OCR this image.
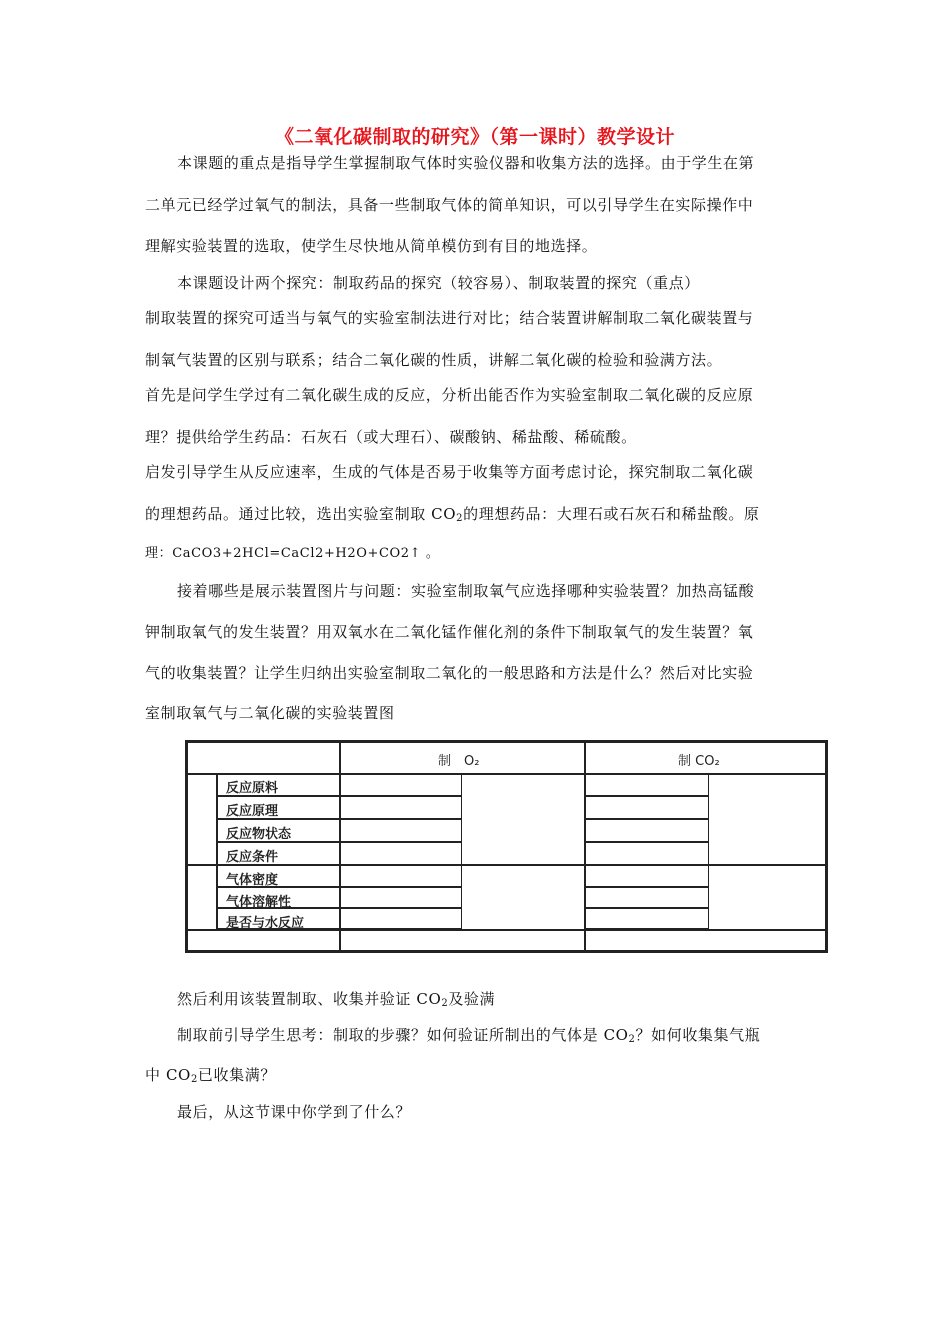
《二氧化碳制取的研究》（第一课时）教学设计
本课题的重点是指导学生掌握制取气体时实验仪器和收集方法的选择。由于学生在第
二单元已经学过氧气的制法，具备一些制取气体的简单知识，可以引导学生在实际操作中
理解实验装置的选取，使学生尽快地从简单模仿到有目的地选择。
本课题设计两个探究：制取药品的探究（较容易）、制取装置的探究（重点）
制取装置的探究可适当与氧气的实验室制法进行对比；结合装置讲解制取二氧化碳装置与
制氧气装置的区别与联系；结合二氧化碳的性质，讲解二氧化碳的检验和验满方法。
首先是问学生学过有二氧化碳生成的反应，分析出能否作为实验室制取二氧化碳的反应原
理？提供给学生药品：石灰石（或大理石）、碳酸钠、稀盐酸、稀硫酸。
启发引导学生从反应速率，生成的气体是否易于收集等方面考虑讨论，探究制取二氧化碳
的理想药品。通过比较，选出实验室制取 $CO_2$的理想药品：大理石或石灰石和稀盐酸。原
理：CaCO3+2HCl=CaCl2+H2O+CO2↑ 。
接着哪些是展示装置图片与问题：实验室制取氧气应选择哪种实验装置？加热高锰酸
钾制取氧气的发生装置？用双氧水在二氧化锰作催化剂的条件下制取氧气的发生装置？氧
气的收集装置？让学生归纳出实验室制取二氧化的一般思路和方法是什么？然后对比实验
室制取氧气与二氧化碳的实验装置图
制　O₂	制 CO₂
反应原料
反应原理
反应物状态
反应条件
气体密度
气体溶解性
是否与水反应
然后利用该装置制取、收集并验证 $CO_2$及验满
制取前引导学生思考：制取的步骤？如何验证所制出的气体是 $CO_2$？如何收集集气瓶
中 $CO_2$已收集满？
最后，从这节课中你学到了什么？
